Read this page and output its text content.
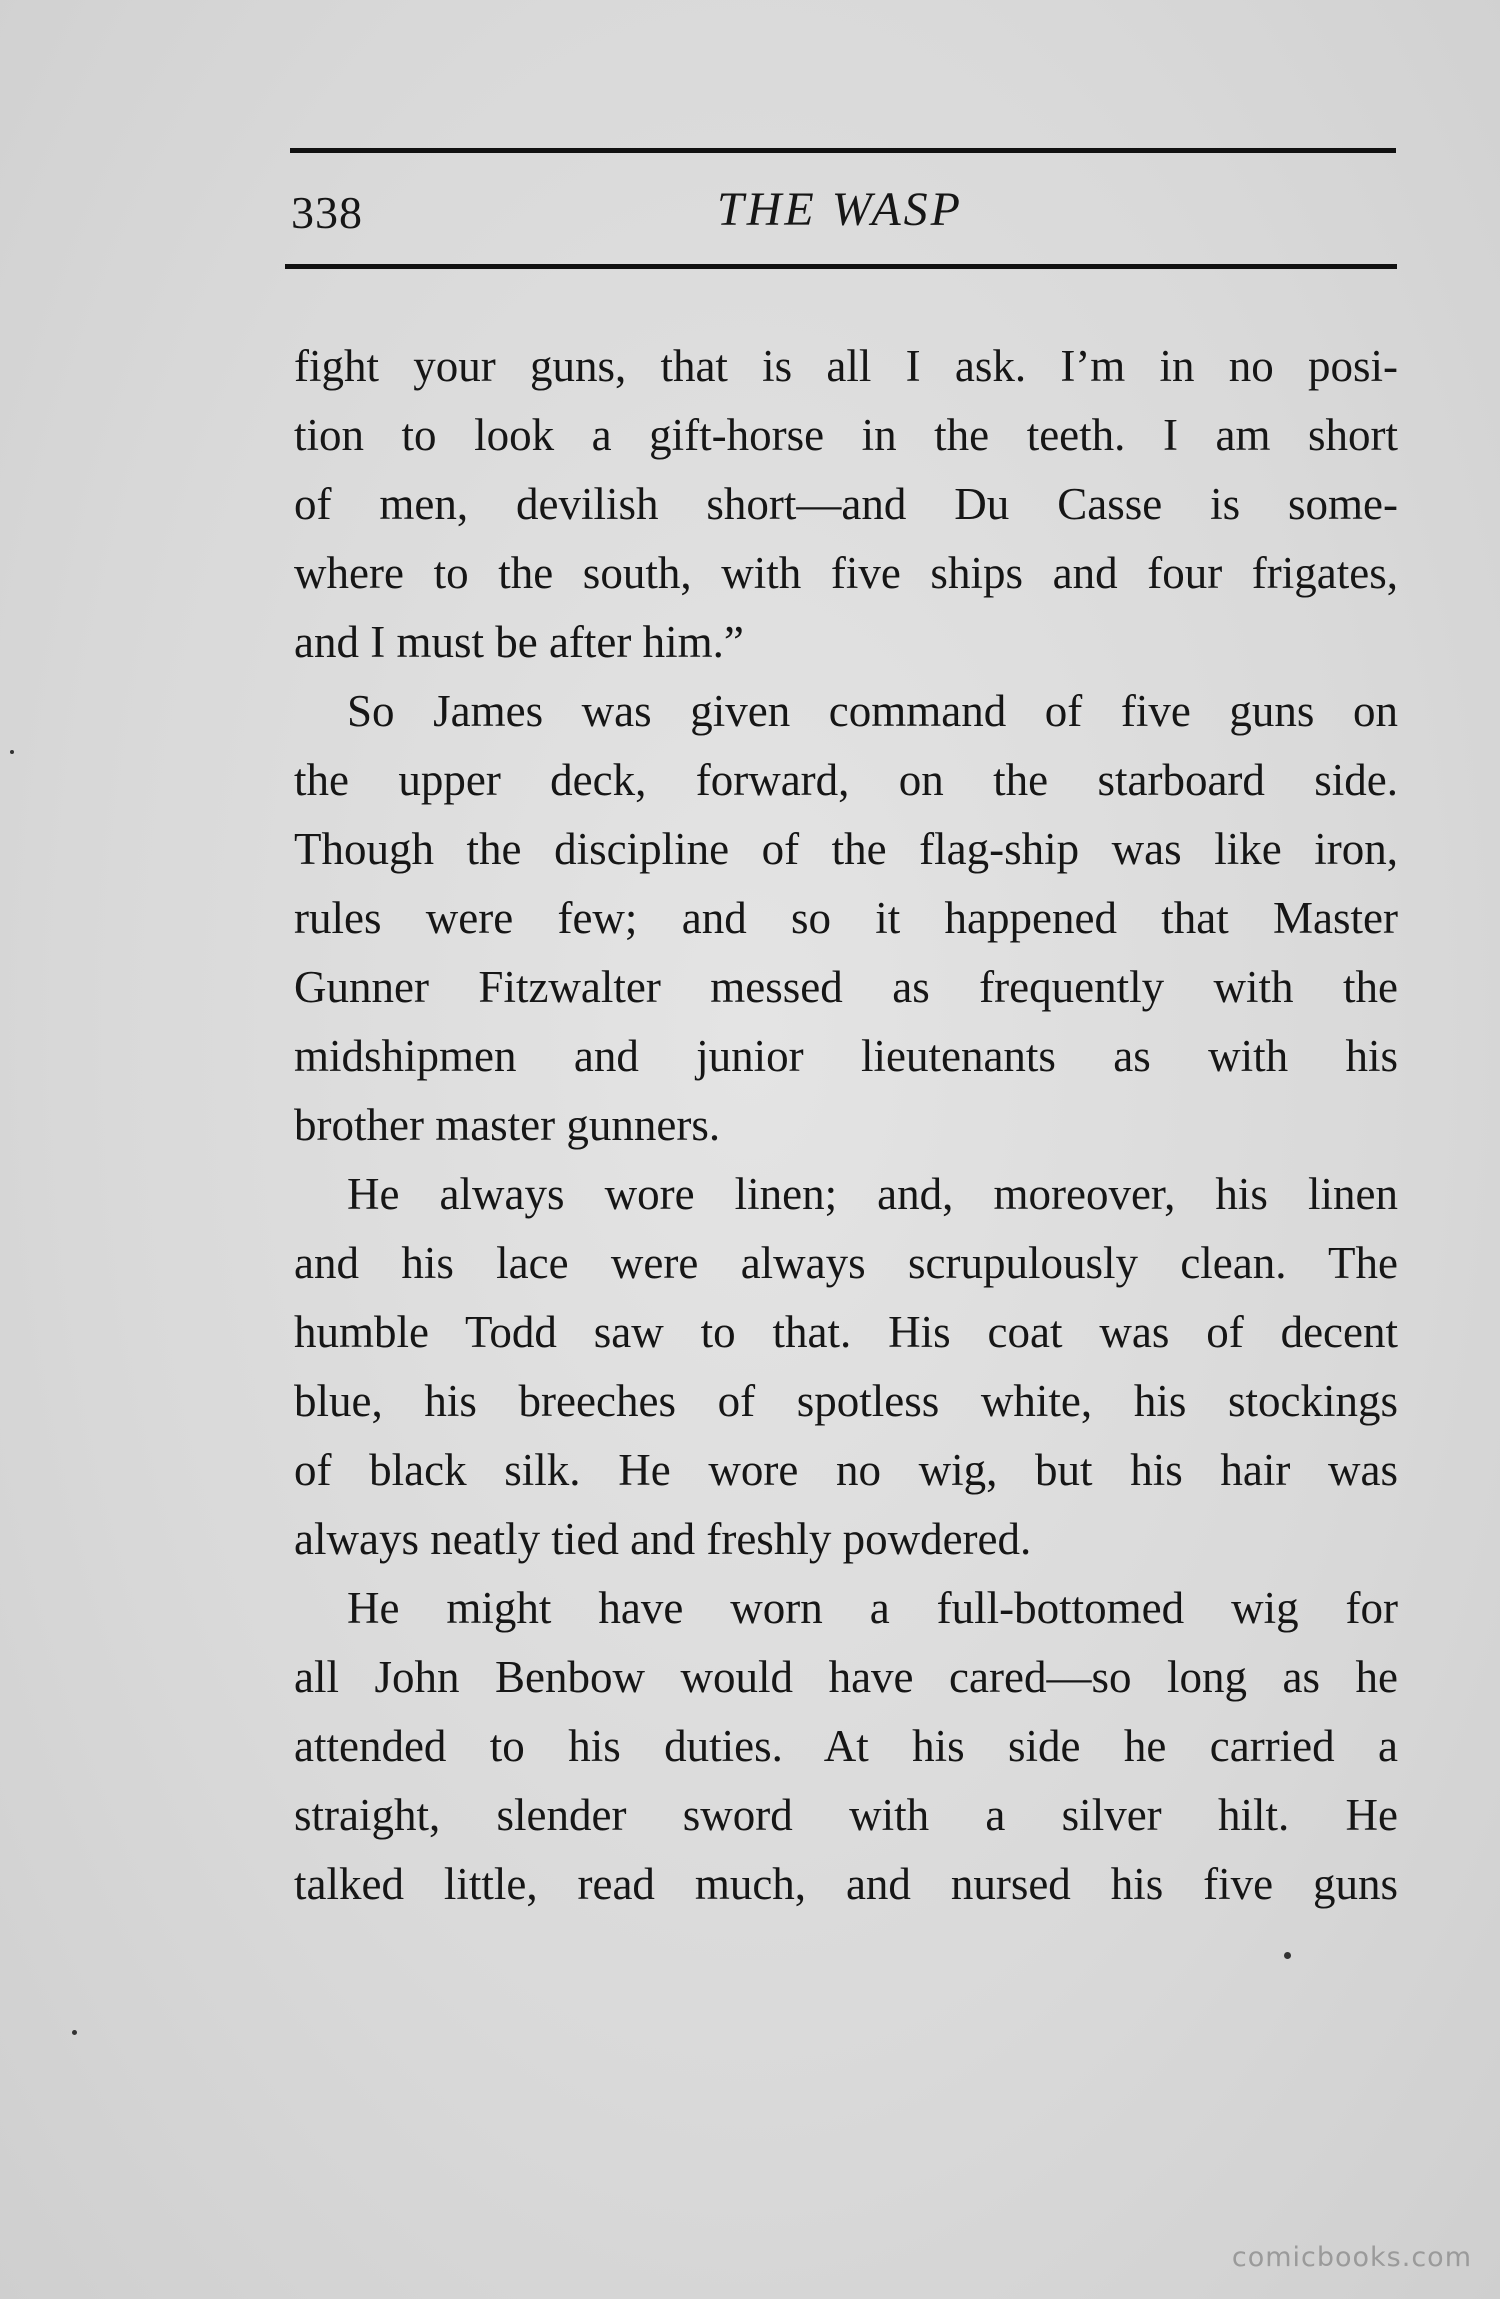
338	THE WASP
fight your guns, that is all I ask. I’m in no posi-
tion to look a gift-horse in the teeth. I am short
of men, devilish short—and Du Casse is some-
where to the south, with five ships and four frigates,
and I must be after him.”
So James was given command of five guns on
the upper deck, forward, on the starboard side.
Though the discipline of the flag-ship was like iron,
rules were few; and so it happened that Master
Gunner Fitzwalter messed as frequently with the
midshipmen and junior lieutenants as with his
brother master gunners.
He always wore linen; and, moreover, his linen
and his lace were always scrupulously clean. The
humble Todd saw to that. His coat was of decent
blue, his breeches of spotless white, his stockings
of black silk. He wore no wig, but his hair was
always neatly tied and freshly powdered.
He might have worn a full-bottomed wig for
all John Benbow would have cared—so long as he
attended to his duties. At his side he carried a
straight, slender sword with a silver hilt. He
talked little, read much, and nursed his five guns
comicbooks.com
